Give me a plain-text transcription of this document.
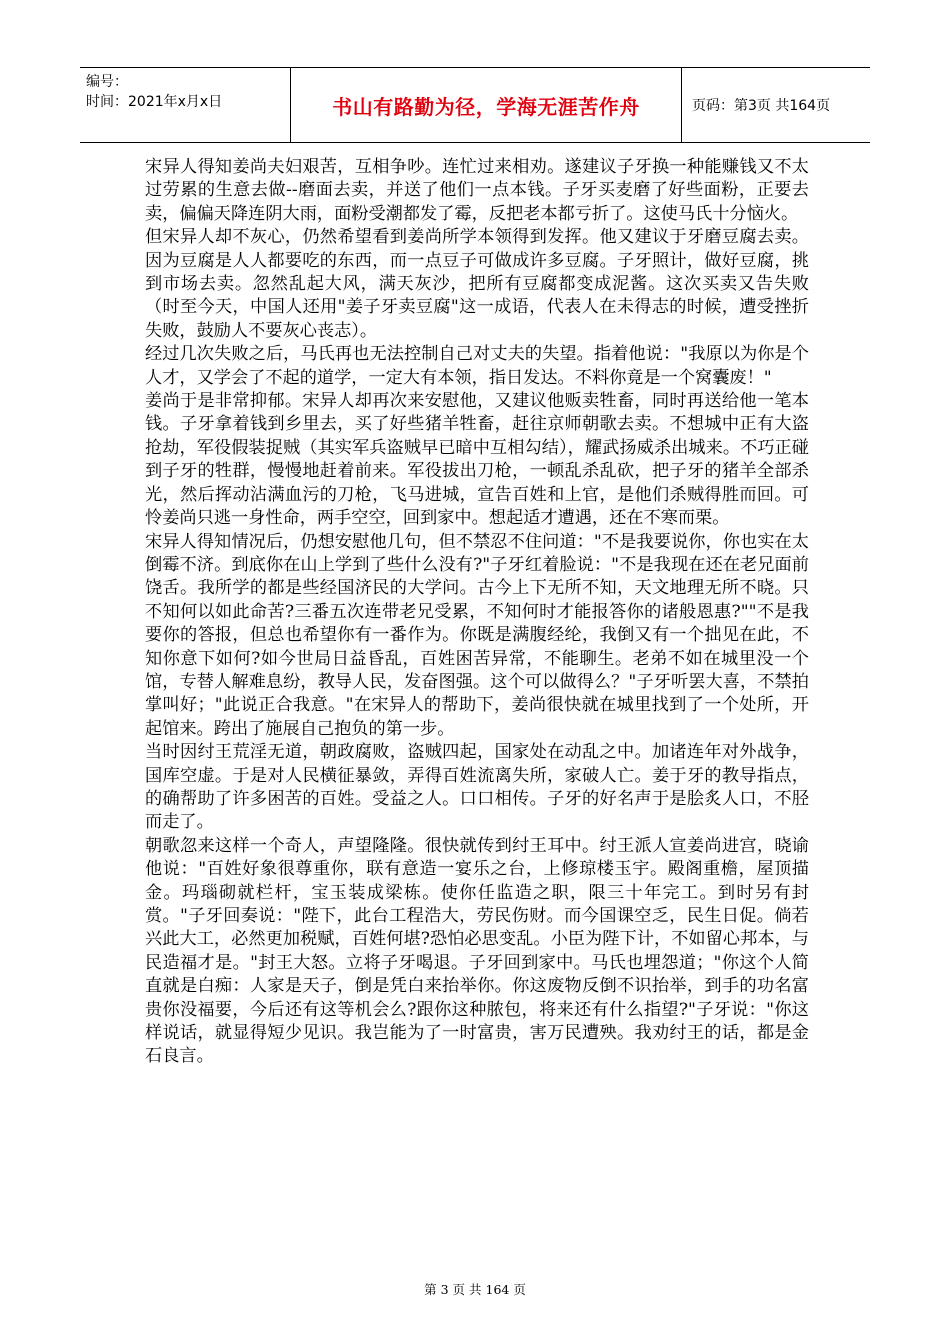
编号：
时间：2021年x月x日	书山有路勤为径，学海无涯苦作舟	页码：第3页 共164页

宋异人得知姜尚夫妇艰苦，互相争吵。连忙过来相劝。遂建议子牙换一种能赚钱又不太过劳累的生意去做--磨面去卖，并送了他们一点本钱。子牙买麦磨了好些面粉，正要去卖，偏偏天降连阴大雨，面粉受潮都发了霉，反把老本都亏折了。这使马氏十分恼火。

但宋异人却不灰心，仍然希望看到姜尚所学本领得到发挥。他又建议于牙磨豆腐去卖。因为豆腐是人人都要吃的东西，而一点豆子可做成许多豆腐。子牙照计，做好豆腐，挑到市场去卖。忽然乱起大风，满天灰沙，把所有豆腐都变成泥酱。这次买卖又告失败（时至今天，中国人还用"姜子牙卖豆腐"这一成语，代表人在未得志的时候，遭受挫折失败，鼓励人不要灰心丧志）。

经过几次失败之后，马氏再也无法控制自己对丈夫的失望。指着他说："我原以为你是个人才，又学会了不起的道学，一定大有本领，指日发达。不料你竟是一个窝囊废！"

姜尚于是非常抑郁。宋异人却再次来安慰他，又建议他贩卖牲畜，同时再送给他一笔本钱。子牙拿着钱到乡里去，买了好些猪羊牲畜，赶往京师朝歌去卖。不想城中正有大盗抢劫，军役假装捉贼（其实军兵盗贼早已暗中互相勾结），耀武扬威杀出城来。不巧正碰到子牙的牲群，慢慢地赶着前来。军役拔出刀枪，一顿乱杀乱砍，把子牙的猪羊全部杀光，然后挥动沾满血污的刀枪，飞马进城，宣告百姓和上官，是他们杀贼得胜而回。可怜姜尚只逃一身性命，两手空空，回到家中。想起适才遭遇，还在不寒而栗。

宋异人得知情况后，仍想安慰他几句，但不禁忍不住问道："不是我要说你，你也实在太倒霉不济。到底你在山上学到了些什么没有?"子牙红着脸说："不是我现在还在老兄面前饶舌。我所学的都是些经国济民的大学问。古今上下无所不知，天文地理无所不晓。只不知何以如此命苦?三番五次连带老兄受累，不知何时才能报答你的诸般恩惠?""不是我要你的答报，但总也希望你有一番作为。你既是满腹经纶，我倒又有一个拙见在此，不知你意下如何?如今世局日益昏乱，百姓困苦异常，不能聊生。老弟不如在城里没一个馆，专替人解难息纷，教导人民，发奋图强。这个可以做得么？"子牙听罢大喜，不禁拍掌叫好；"此说正合我意。"在宋异人的帮助下，姜尚很快就在城里找到了一个处所，开起馆来。跨出了施展自己抱负的第一步。

当时因纣王荒淫无道，朝政腐败，盗贼四起，国家处在动乱之中。加诸连年对外战争，国库空虚。于是对人民横征暴敛，弄得百姓流离失所，家破人亡。姜于牙的教导指点，的确帮助了许多困苦的百姓。受益之人。口口相传。子牙的好名声于是脍炙人口，不胫而走了。

朝歌忽来这样一个奇人，声望隆隆。很快就传到纣王耳中。纣王派人宣姜尚进宫，晓谕他说："百姓好象很尊重你，联有意造一宴乐之台，上修琼楼玉宇。殿阁重檐，屋顶描金。玛瑙砌就栏杆，宝玉装成梁栋。使你任监造之职，限三十年完工。到时另有封赏。"子牙回奏说："陛下，此台工程浩大，劳民伤财。而今国课空乏，民生日促。倘若兴此大工，必然更加税赋，百姓何堪?恐怕必思变乱。小臣为陛下计，不如留心邦本，与民造福才是。"封王大怒。立将子牙喝退。子牙回到家中。马氏也埋怨道；"你这个人简直就是白痴：人家是天子，倒是凭白来抬举你。你这废物反倒不识抬举，到手的功名富贵你没福要，今后还有这等机会么?跟你这种脓包，将来还有什么指望?"子牙说："你这样说话，就显得短少见识。我岂能为了一时富贵，害万民遭殃。我劝纣王的话，都是金石良言。

第 3 页 共 164 页
